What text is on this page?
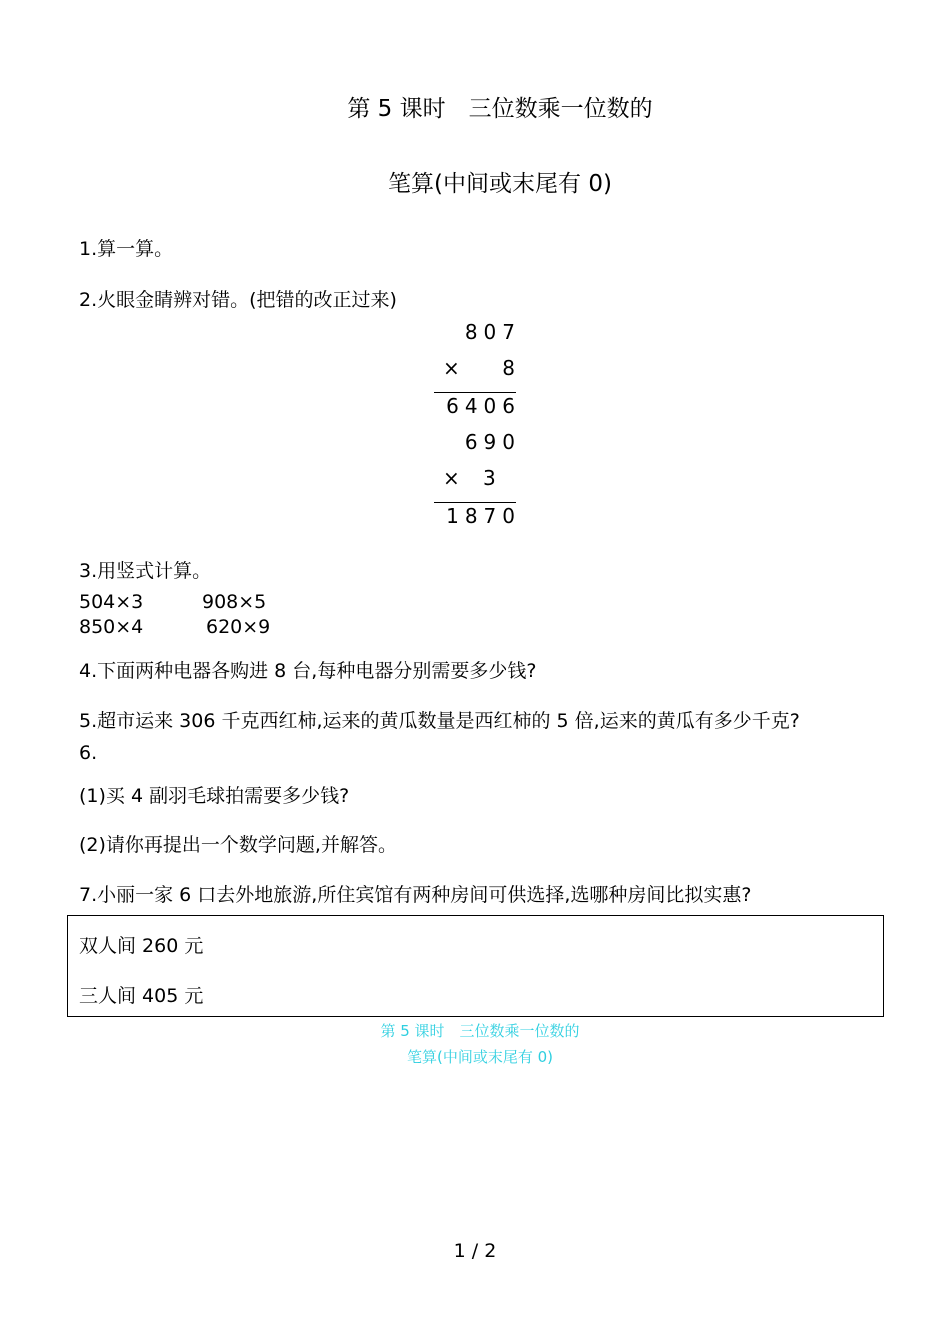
第 5 课时　三位数乘一位数的
笔算(中间或末尾有 0)
1.算一算。
2.火眼金睛辨对错。(把错的改正过来)
807
×	8
6406
690
× 3
1870
3.用竖式计算。
504×3	908×5
850×4	620×9
4.下面两种电器各购进 8 台,每种电器分别需要多少钱?
5.超市运来 306 千克西红柿,运来的黄瓜数量是西红柿的 5 倍,运来的黄瓜有多少千克?
6.
(1)买 4 副羽毛球拍需要多少钱?
(2)请你再提出一个数学问题,并解答。
7.小丽一家 6 口去外地旅游,所住宾馆有两种房间可供选择,选哪种房间比拟实惠?
双人间 260 元
三人间 405 元
第 5 课时　三位数乘一位数的
笔算(中间或末尾有 0)
1 / 2
